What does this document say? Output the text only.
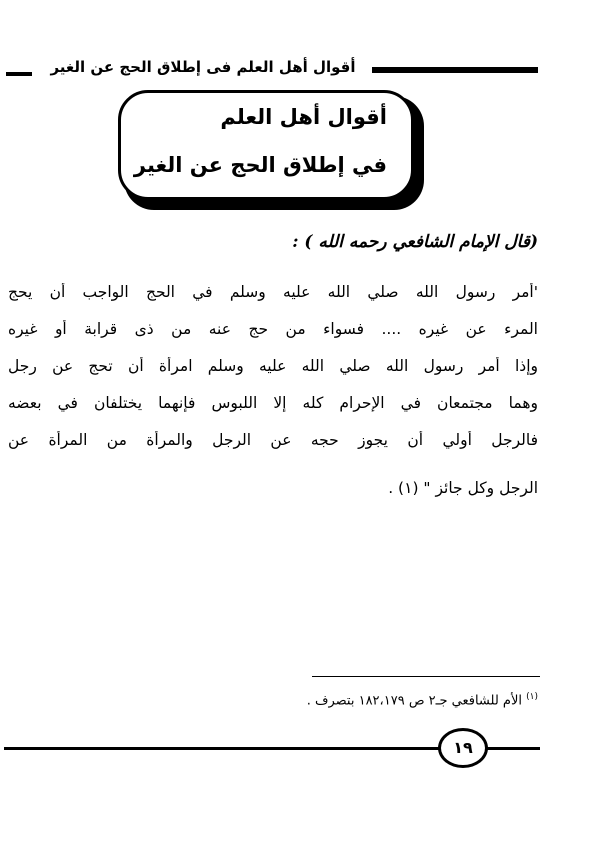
أقوال أهل العلم فى إطلاق الحج عن الغير
أقوال أهل العلم
في إطلاق الحج عن الغير
(قال الإمام الشافعي رحمه الله ) :
'أمر رسول الله صلي الله عليه وسلم في الحج الواجب أن يحج
المرء عن غيره .... فسواء من حج عنه من ذى قرابة أو غيره
وإذا أمر رسول الله صلي الله عليه وسلم امرأة أن تحج عن رجل
وهما مجتمعان في الإحرام كله إلا اللبوس فإنهما يختلفان في بعضه
فالرجل أولي أن يجوز حجه عن الرجل والمرأة من المرأة عن
الرجل وكل جائز " (١) .
$^{(١)}$ الأم للشافعي جـ٢ ص ١٨٢،١٧٩ بتصرف .
١٩
